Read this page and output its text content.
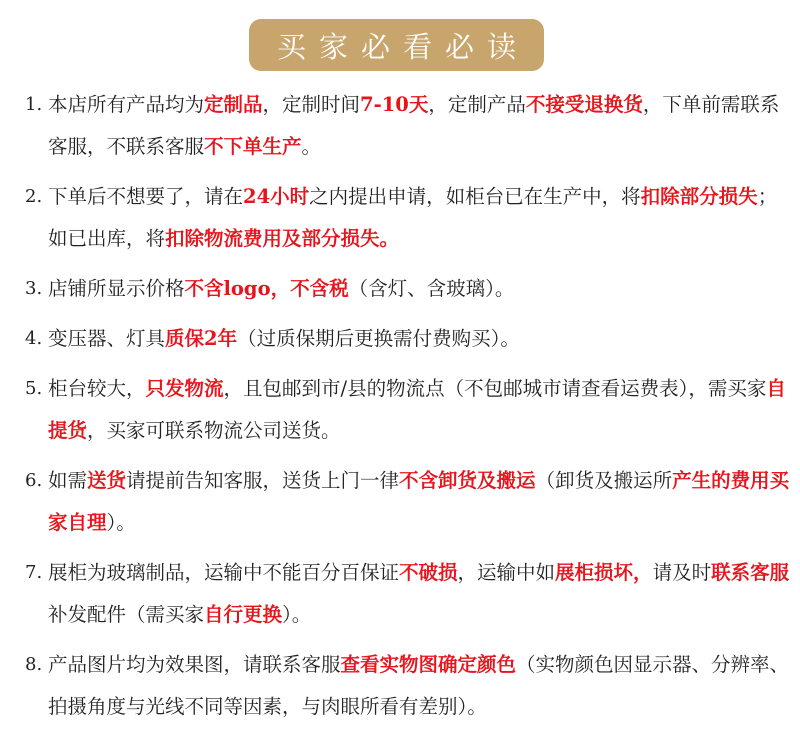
买家必看必读
1. 本店所有产品均为定制品，定制时间7-10天，定制产品不接受退换货，下单前需联系客服，不联系客服不下单生产。
2. 下单后不想要了，请在24小时之内提出申请，如柜台已在生产中，将扣除部分损失；如已出库，将扣除物流费用及部分损失。
3. 店铺所显示价格不含logo，不含税（含灯、含玻璃）。
4. 变压器、灯具质保2年（过质保期后更换需付费购买）。
5. 柜台较大，只发物流，且包邮到市/县的物流点（不包邮城市请查看运费表），需买家自提货，买家可联系物流公司送货。
6. 如需送货请提前告知客服，送货上门一律不含卸货及搬运（卸货及搬运所产生的费用买家自理）。
7. 展柜为玻璃制品，运输中不能百分百保证不破损，运输中如展柜损坏，请及时联系客服补发配件（需买家自行更换）。
8. 产品图片均为效果图，请联系客服查看实物图确定颜色（实物颜色因显示器、分辨率、拍摄角度与光线不同等因素，与肉眼所看有差别）。
